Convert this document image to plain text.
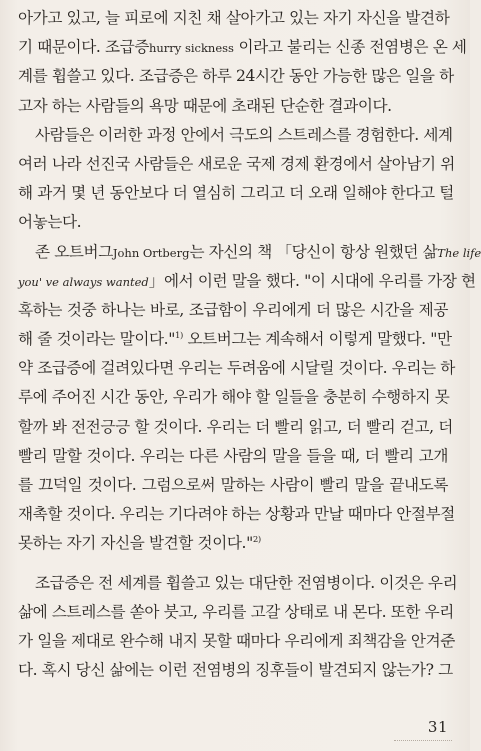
아가고 있고, 늘 피로에 지친 채 살아가고 있는 자기 자신을 발견하
기 때문이다. 조급증hurry sickness 이라고 불리는 신종 전염병은 온 세
계를 휩쓸고 있다. 조급증은 하루 24시간 동안 가능한 많은 일을 하
고자 하는 사람들의 욕망 때문에 초래된 단순한 결과이다.
사람들은 이러한 과정 안에서 극도의 스트레스를 경험한다. 세계
여러 나라 선진국 사람들은 새로운 국제 경제 환경에서 살아남기 위
해 과거 몇 년 동안보다 더 열심히 그리고 더 오래 일해야 한다고 털
어놓는다.
존 오트버그John Ortberg는 자신의 책 「당신이 항상 원했던 삶The life
you' ve always wanted」에서 이런 말을 했다. "이 시대에 우리를 가장 현
혹하는 것중 하나는 바로, 조급함이 우리에게 더 많은 시간을 제공
해 줄 것이라는 말이다."$^{1)}$ 오트버그는 계속해서 이렇게 말했다. "만
약 조급증에 걸려있다면 우리는 두려움에 시달릴 것이다. 우리는 하
루에 주어진 시간 동안, 우리가 해야 할 일들을 충분히 수행하지 못
할까 봐 전전긍긍 할 것이다. 우리는 더 빨리 읽고, 더 빨리 걷고, 더
빨리 말할 것이다. 우리는 다른 사람의 말을 들을 때, 더 빨리 고개
를 끄덕일 것이다. 그럼으로써 말하는 사람이 빨리 말을 끝내도록
재촉할 것이다. 우리는 기다려야 하는 상황과 만날 때마다 안절부절
못하는 자기 자신을 발견할 것이다."$^{2)}$
조급증은 전 세계를 휩쓸고 있는 대단한 전염병이다. 이것은 우리
삶에 스트레스를 쏟아 붓고, 우리를 고갈 상태로 내 몬다. 또한 우리
가 일을 제대로 완수해 내지 못할 때마다 우리에게 죄책감을 안겨준
다. 혹시 당신 삶에는 이런 전염병의 징후들이 발견되지 않는가? 그
31
